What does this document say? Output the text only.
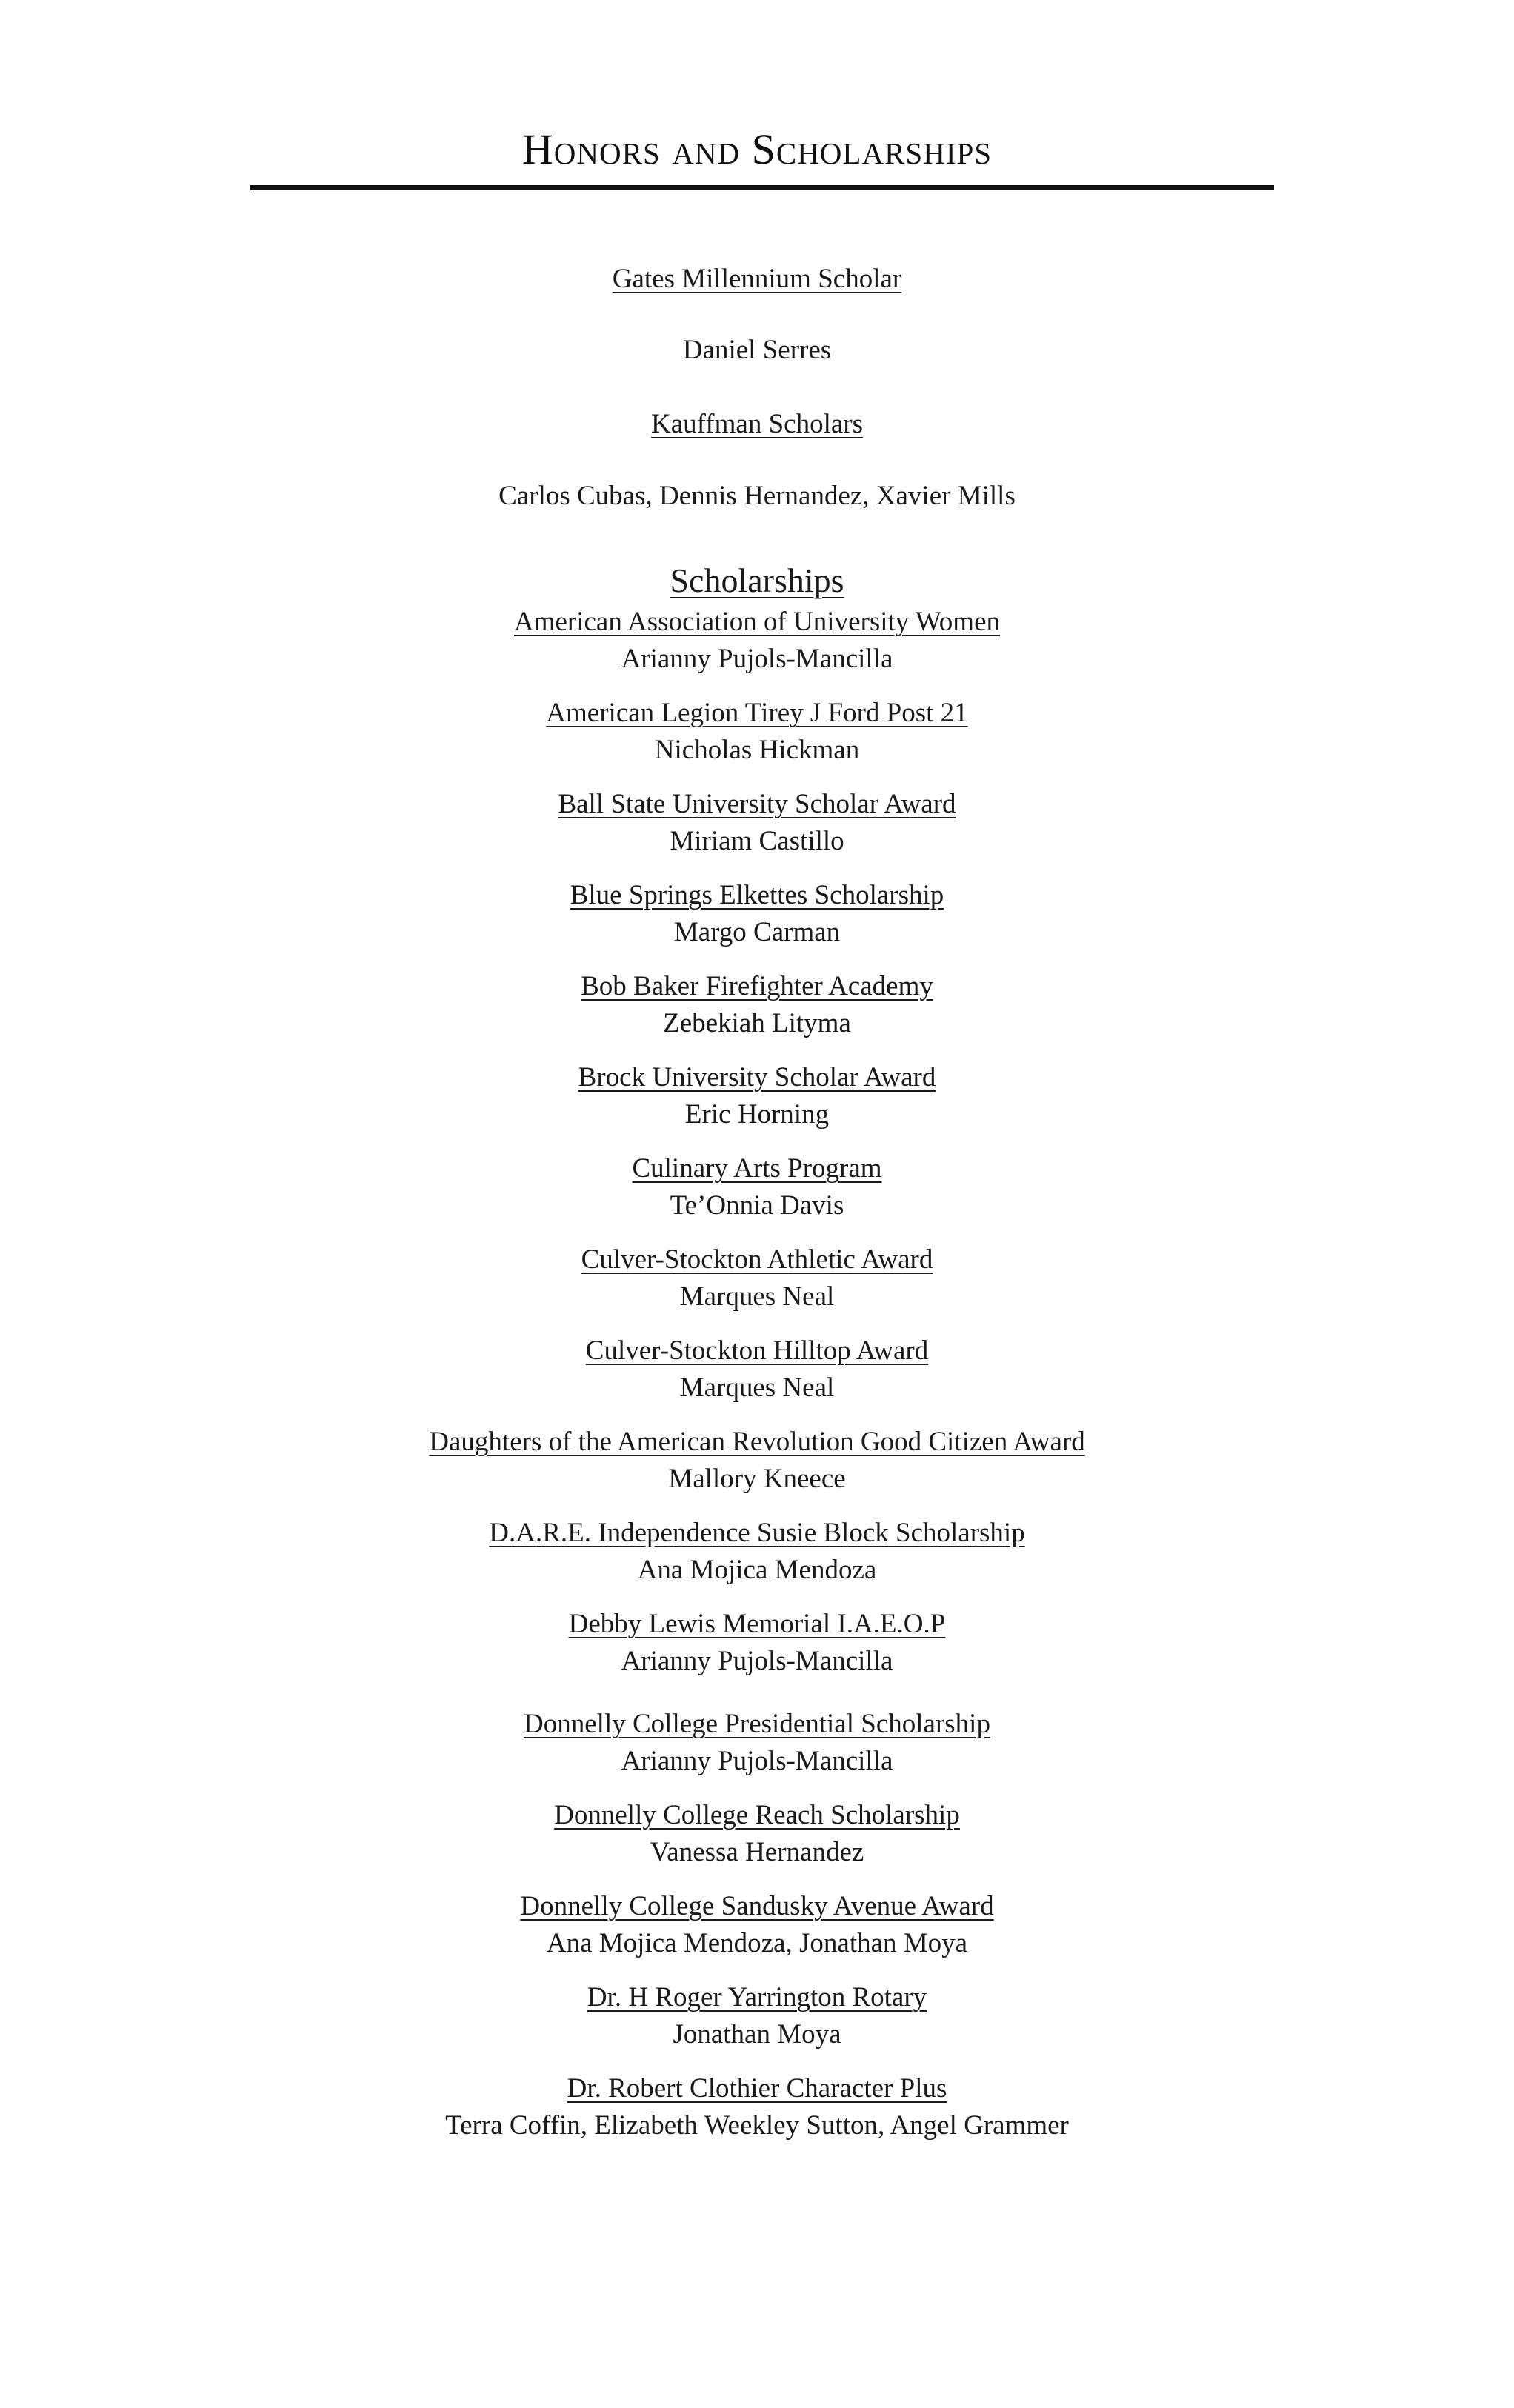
Honors and Scholarships
Gates Millennium Scholar
Daniel Serres
Kauffman Scholars
Carlos Cubas, Dennis Hernandez, Xavier Mills
Scholarships
American Association of University Women
Arianny Pujols-Mancilla
American Legion Tirey J Ford Post 21
Nicholas Hickman
Ball State University Scholar Award
Miriam Castillo
Blue Springs Elkettes Scholarship
Margo Carman
Bob Baker Firefighter Academy
Zebekiah Lityma
Brock University Scholar Award
Eric Horning
Culinary Arts Program
Te’Onnia Davis
Culver-Stockton Athletic Award
Marques Neal
Culver-Stockton Hilltop Award
Marques Neal
Daughters of the American Revolution Good Citizen Award
Mallory Kneece
D.A.R.E. Independence Susie Block Scholarship
Ana Mojica Mendoza
Debby Lewis Memorial I.A.E.O.P
Arianny Pujols-Mancilla
Donnelly College Presidential Scholarship
Arianny Pujols-Mancilla
Donnelly College Reach Scholarship
Vanessa Hernandez
Donnelly College Sandusky Avenue Award
Ana Mojica Mendoza, Jonathan Moya
Dr. H Roger Yarrington Rotary
Jonathan Moya
Dr. Robert Clothier Character Plus
Terra Coffin, Elizabeth Weekley Sutton, Angel Grammer
